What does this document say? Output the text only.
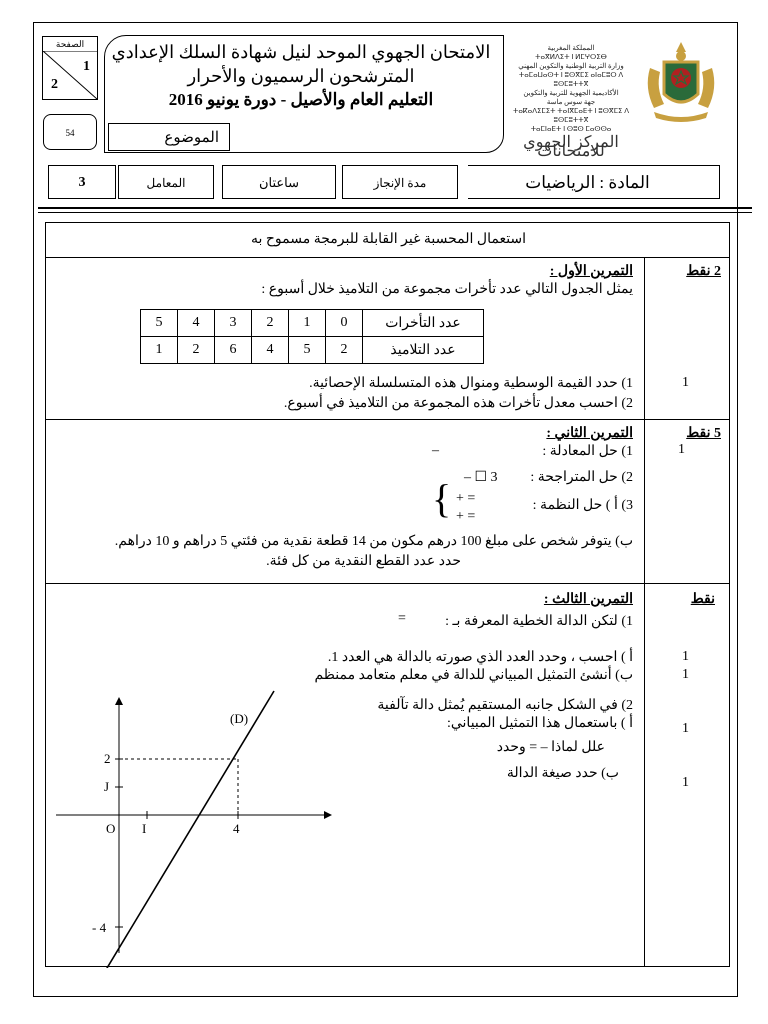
الصفحة
1
2
54
الامتحان الجهوي الموحد لنيل شهادة السلك الإعدادي
المترشحون الرسميون والأحرار
التعليم العام والأصيل - دورة يونيو 2016
الموضوع
المملكة المغربية
ⵜⴰⴳⵍⴷⵉⵜ ⵏ ⵍⵎⵖⵔⵉⴱ
وزارة التربية الوطنية والتكوين المهني
ⵜⴰⵎⴰⵡⴰⵙⵜ ⵏ ⵓⵙⴳⵎⵉ ⴰⵏⴰⵎⵓⵔ ⴷ ⵓⵙⵎⵓⵜⵜⴳ
الأكاديمية الجهوية للتربية والتكوين
جهة سوس ماسة
ⵜⴰⴽⴰⴷⵉⵎⵉⵜ ⵜⴰⵏⴳⵎⴰⴹⵜ ⵏ ⵓⵙⴳⵎⵉ ⴷ ⵓⵙⵎⵓⵜⵜⴳ
ⵜⴰⵎⵏⴰⴹⵜ ⵏ ⵙⵓⵙ ⵎⴰⵙⵙⴰ
المركز الجهوي للامتحانات
3	المعامل	ساعتان	مدة الإنجاز	المادة : الرياضيات
استعمال المحسبة غير القابلة للبرمجة مسموح به
2 نقط
التمرين الأول :
يمثل الجدول التالي عدد تأخرات مجموعة من التلاميذ خلال أسبوع :
5	4	3	2	1	0	عدد التأخرات
1	2	6	4	5	2	عدد التلاميذ
1
1) حدد القيمة الوسطية ومنوال هذه المتسلسلة الإحصائية.
2) احسب معدل تأخرات هذه المجموعة من التلاميذ في أسبوع.
5 نقط
1
التمرين الثاني :
1) حل المعادلة :
–
2) حل المتراجحة :
– ☐ 3
3) أ ) حل النظمة :
{ + =
+ =
ب) يتوفر شخص على مبلغ 100 درهم مكون من 14 قطعة نقدية من فئتي 5 دراهم و 10 دراهم.
حدد عدد القطع النقدية من كل فئة.
نقط
التمرين الثالث :
1) لتكن الدالة الخطية المعرفة بـ :
=
1
أ ) احسب ، وحدد العدد الذي صورته بالدالة هي العدد 1.
1
ب) أنشئ التمثيل المبياني للدالة في معلم متعامد ممنظم
2) في الشكل جانبه المستقيم يُمثل دالة تآلفية
1
أ ) باستعمال هذا التمثيل المبياني:
علل لماذا – = وحدد
1
ب) حدد صيغة الدالة
(D)
O I
J
4
2
- 4
